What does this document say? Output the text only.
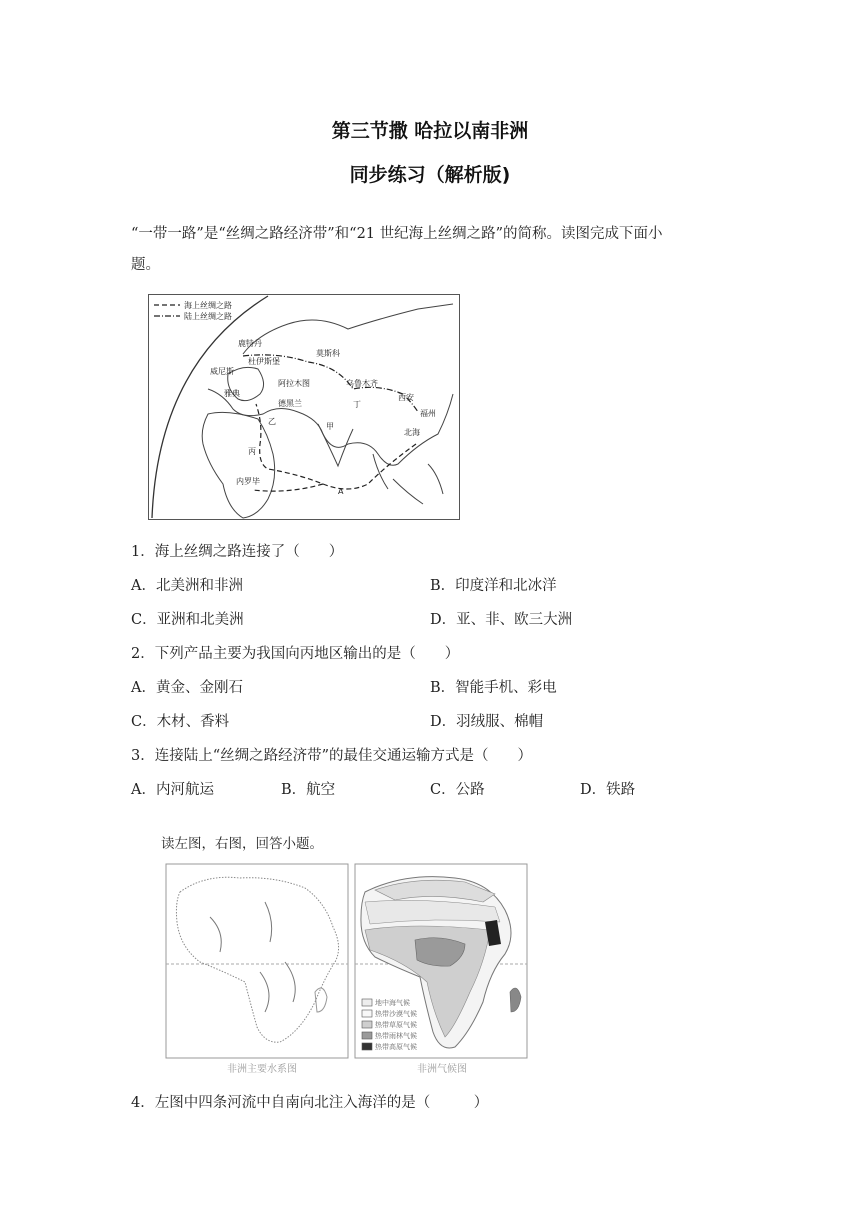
第三节撒 哈拉以南非洲
同步练习（解析版)
“一带一路”是“丝绸之路经济带”和“21 世纪海上丝绸之路”的简称。读图完成下面小
题。
海上丝绸之路
陆上丝绸之路
鹿特丹
莫斯科
威尼斯
雅典
杜伊斯堡
阿拉木图	乌鲁木齐
西安
北海
福州
内罗毕
德黑兰	丁
乙
甲
丙
A
1．海上丝绸之路连接了（　　）
A．北美洲和非洲	B．印度洋和北冰洋
C．亚洲和北美洲	D．亚、非、欧三大洲
2．下列产品主要为我国向丙地区输出的是（　　）
A．黄金、金刚石	B．智能手机、彩电
C．木材、香料	D．羽绒服、棉帽
3．连接陆上“丝绸之路经济带”的最佳交通运输方式是（　　）
A．内河航运	B．航空	C．公路	D．铁路
读左图，右图，回答小题。
非洲主要水系图
地中海气候
热带沙漠气候
热带草原气候
热带雨林气候
热带高原气候
非洲气候图
4．左图中四条河流中自南向北注入海洋的是（　　　）
